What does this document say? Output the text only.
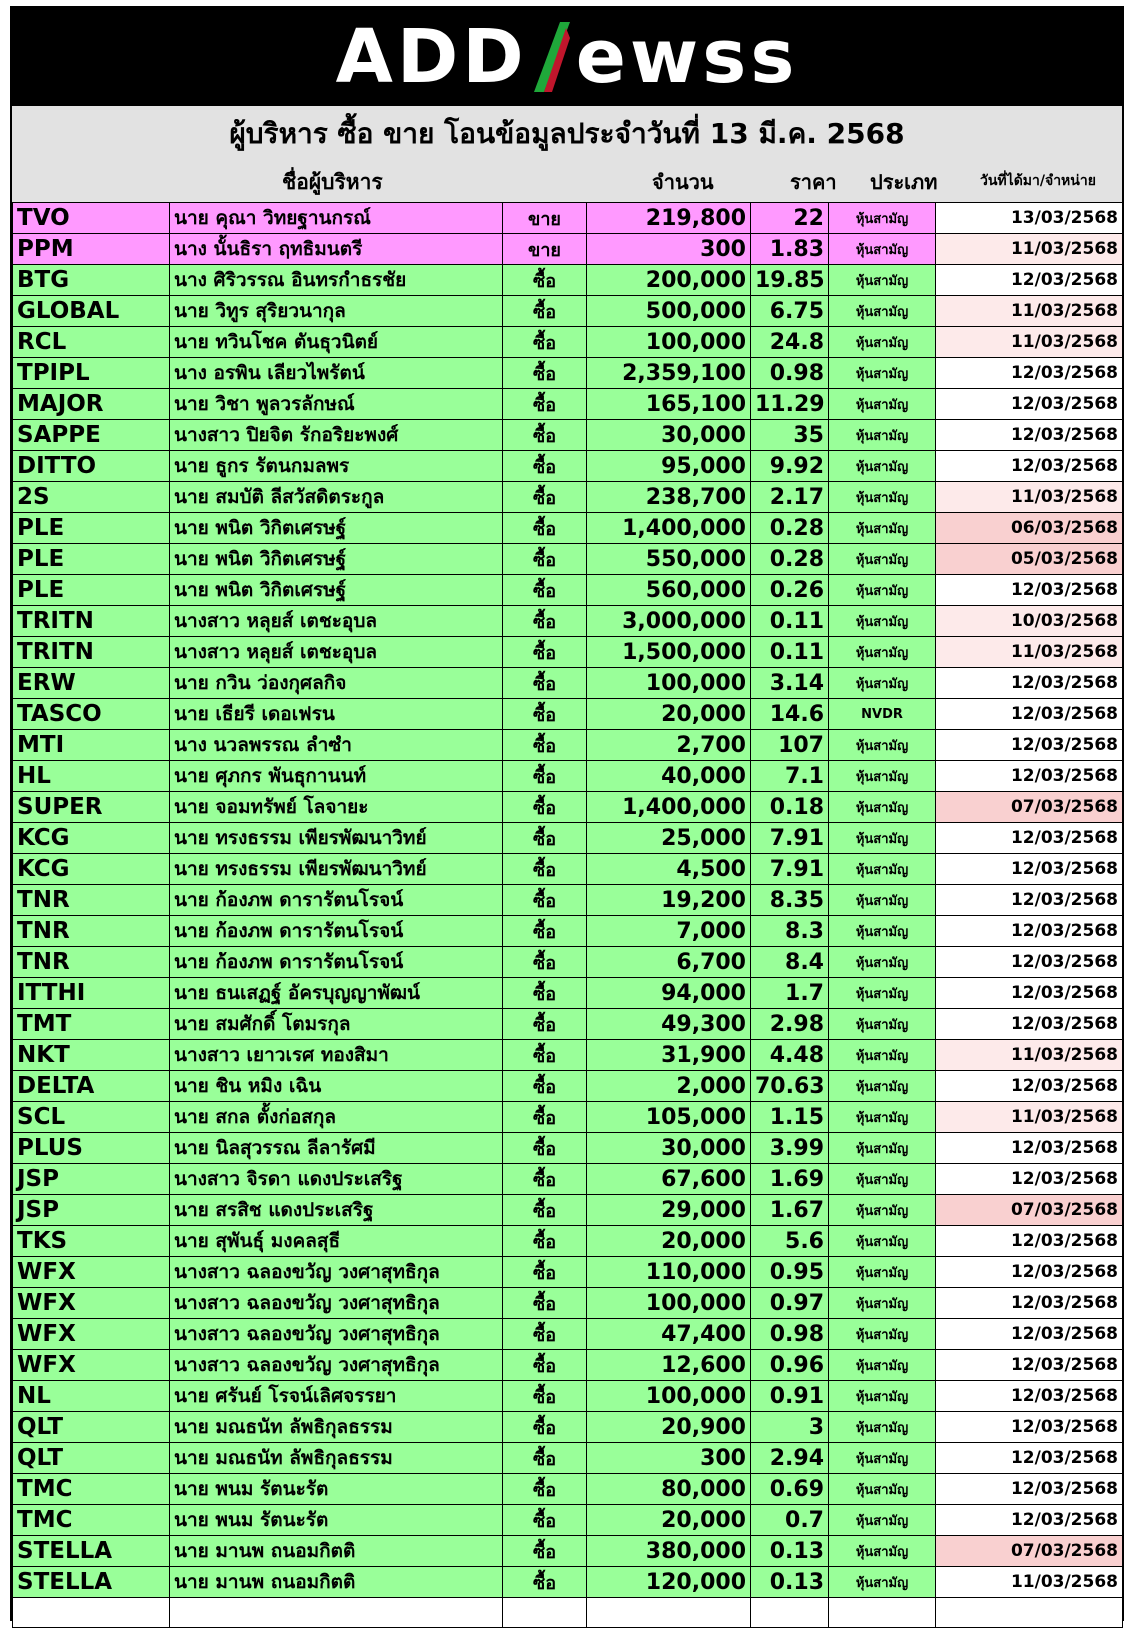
ADD ewss
ผู้บริหาร ซื้อ ขาย โอนข้อมูลประจำวันที่ 13 มี.ค. 2568
ชื่อผู้บริหาร	จำนวน	ราคา ประเภท	วันที่ได้มา/จำหน่าย
TVO	นาย คุณา วิทยฐานกรณ์	ขาย	219,800	22	หุ้นสามัญ	13/03/2568
PPM	นาง นั้นธิรา ฤทธิมนตรี	ขาย	300	1.83	หุ้นสามัญ	11/03/2568
BTG	นาง ศิริวรรณ อินทรกำธรชัย	ซื้อ	200,000	19.85	หุ้นสามัญ	12/03/2568
GLOBAL	นาย วิทูร สุริยวนากุล	ซื้อ	500,000	6.75	หุ้นสามัญ	11/03/2568
RCL	นาย ทวินโชค ตันธุวนิตย์	ซื้อ	100,000	24.8	หุ้นสามัญ	11/03/2568
TPIPL	นาง อรพิน เลียวไพรัตน์	ซื้อ	2,359,100	0.98	หุ้นสามัญ	12/03/2568
MAJOR	นาย วิชา พูลวรลักษณ์	ซื้อ	165,100	11.29	หุ้นสามัญ	12/03/2568
SAPPE	นางสาว ปิยจิต รักอริยะพงศ์	ซื้อ	30,000	35	หุ้นสามัญ	12/03/2568
DITTO	นาย ธูกร รัตนกมลพร	ซื้อ	95,000	9.92	หุ้นสามัญ	12/03/2568
2S	นาย สมบัติ ลีสวัสดิตระกูล	ซื้อ	238,700	2.17	หุ้นสามัญ	11/03/2568
PLE	นาย พนิต วิกิตเศรษฐ์	ซื้อ	1,400,000	0.28	หุ้นสามัญ	06/03/2568
PLE	นาย พนิต วิกิตเศรษฐ์	ซื้อ	550,000	0.28	หุ้นสามัญ	05/03/2568
PLE	นาย พนิต วิกิตเศรษฐ์	ซื้อ	560,000	0.26	หุ้นสามัญ	12/03/2568
TRITN	นางสาว หลุยส์ เตชะอุบล	ซื้อ	3,000,000	0.11	หุ้นสามัญ	10/03/2568
TRITN	นางสาว หลุยส์ เตชะอุบล	ซื้อ	1,500,000	0.11	หุ้นสามัญ	11/03/2568
ERW	นาย กวิน ว่องกุศลกิจ	ซื้อ	100,000	3.14	หุ้นสามัญ	12/03/2568
TASCO	นาย เธียรี เดอเฟรน	ซื้อ	20,000	14.6	NVDR	12/03/2568
MTI	นาง นวลพรรณ ลำซำ	ซื้อ	2,700	107	หุ้นสามัญ	12/03/2568
HL	นาย ศุภกร พันธุกานนท์	ซื้อ	40,000	7.1	หุ้นสามัญ	12/03/2568
SUPER	นาย จอมทรัพย์ โลจายะ	ซื้อ	1,400,000	0.18	หุ้นสามัญ	07/03/2568
KCG	นาย ทรงธรรม เพียรพัฒนาวิทย์	ซื้อ	25,000	7.91	หุ้นสามัญ	12/03/2568
KCG	นาย ทรงธรรม เพียรพัฒนาวิทย์	ซื้อ	4,500	7.91	หุ้นสามัญ	12/03/2568
TNR	นาย ก้องภพ ดารารัตนโรจน์	ซื้อ	19,200	8.35	หุ้นสามัญ	12/03/2568
TNR	นาย ก้องภพ ดารารัตนโรจน์	ซื้อ	7,000	8.3	หุ้นสามัญ	12/03/2568
TNR	นาย ก้องภพ ดารารัตนโรจน์	ซื้อ	6,700	8.4	หุ้นสามัญ	12/03/2568
ITTHI	นาย ธนเสฏฐ์ อัครบุญญาพัฒน์	ซื้อ	94,000	1.7	หุ้นสามัญ	12/03/2568
TMT	นาย สมศักดิ์ โตมรกุล	ซื้อ	49,300	2.98	หุ้นสามัญ	12/03/2568
NKT	นางสาว เยาวเรศ ทองสิมา	ซื้อ	31,900	4.48	หุ้นสามัญ	11/03/2568
DELTA	นาย ชิน หมิง เฉิน	ซื้อ	2,000	70.63	หุ้นสามัญ	12/03/2568
SCL	นาย สกล ตั้งก่อสกุล	ซื้อ	105,000	1.15	หุ้นสามัญ	11/03/2568
PLUS	นาย นิลสุวรรณ ลีลารัศมี	ซื้อ	30,000	3.99	หุ้นสามัญ	12/03/2568
JSP	นางสาว จิรดา แดงประเสริฐ	ซื้อ	67,600	1.69	หุ้นสามัญ	12/03/2568
JSP	นาย สรสิช แดงประเสริฐ	ซื้อ	29,000	1.67	หุ้นสามัญ	07/03/2568
TKS	นาย สุพันธุ์ มงคลสุธี	ซื้อ	20,000	5.6	หุ้นสามัญ	12/03/2568
WFX	นางสาว ฉลองขวัญ วงศาสุทธิกุล	ซื้อ	110,000	0.95	หุ้นสามัญ	12/03/2568
WFX	นางสาว ฉลองขวัญ วงศาสุทธิกุล	ซื้อ	100,000	0.97	หุ้นสามัญ	12/03/2568
WFX	นางสาว ฉลองขวัญ วงศาสุทธิกุล	ซื้อ	47,400	0.98	หุ้นสามัญ	12/03/2568
WFX	นางสาว ฉลองขวัญ วงศาสุทธิกุล	ซื้อ	12,600	0.96	หุ้นสามัญ	12/03/2568
NL	นาย ศรันย์ โรจน์เลิศจรรยา	ซื้อ	100,000	0.91	หุ้นสามัญ	12/03/2568
QLT	นาย มณธนัท ลัพธิกุลธรรม	ซื้อ	20,900	3	หุ้นสามัญ	12/03/2568
QLT	นาย มณธนัท ลัพธิกุลธรรม	ซื้อ	300	2.94	หุ้นสามัญ	12/03/2568
TMC	นาย พนม รัตนะรัต	ซื้อ	80,000	0.69	หุ้นสามัญ	12/03/2568
TMC	นาย พนม รัตนะรัต	ซื้อ	20,000	0.7	หุ้นสามัญ	12/03/2568
STELLA	นาย มานพ ถนอมกิตติ	ซื้อ	380,000	0.13	หุ้นสามัญ	07/03/2568
STELLA	นาย มานพ ถนอมกิตติ	ซื้อ	120,000	0.13	หุ้นสามัญ	11/03/2568
